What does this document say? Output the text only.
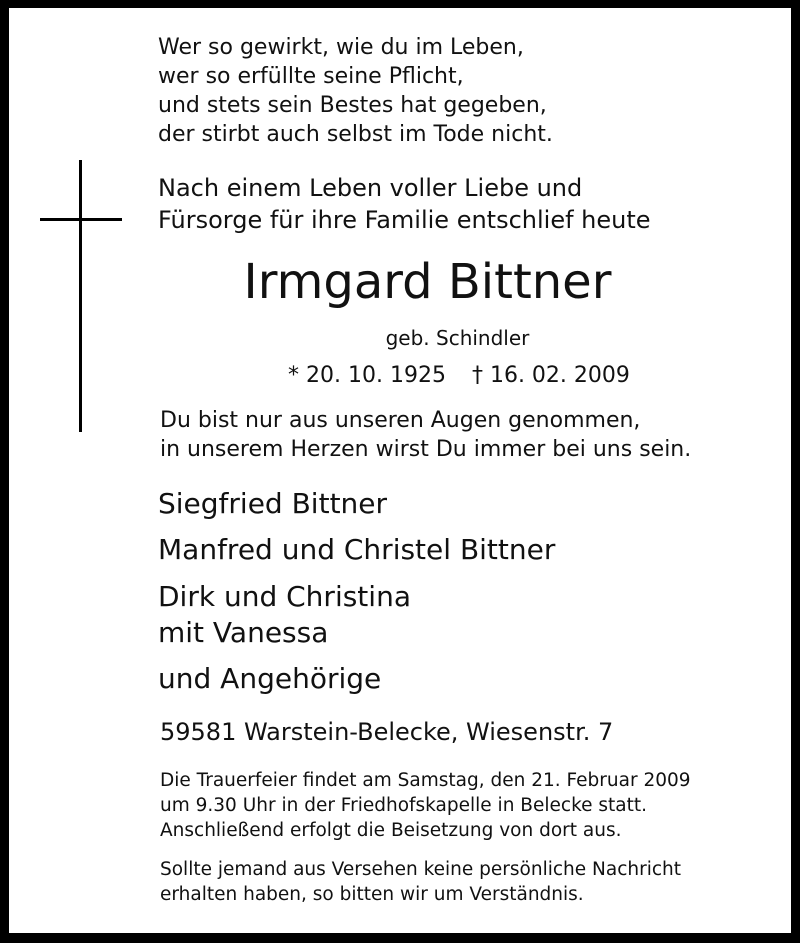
Wer so gewirkt, wie du im Leben,
wer so erfüllte seine Pflicht,
und stets sein Bestes hat gegeben,
der stirbt auch selbst im Tode nicht.

Nach einem Leben voller Liebe und
Fürsorge für ihre Familie entschlief heute

Irmgard Bittner

geb. Schindler

* 20. 10. 1925 † 16. 02. 2009

Du bist nur aus unseren Augen genommen,
in unserem Herzen wirst Du immer bei uns sein.

Siegfried Bittner

Manfred und Christel Bittner

Dirk und Christina

mit Vanessa

und Angehörige

59581 Warstein-Belecke, Wiesenstr. 7

Die Trauerfeier findet am Samstag, den 21. Februar 2009
um 9.30 Uhr in der Friedhofskapelle in Belecke statt.
Anschließend erfolgt die Beisetzung von dort aus.

Sollte jemand aus Versehen keine persönliche Nachricht
erhalten haben, so bitten wir um Verständnis.
